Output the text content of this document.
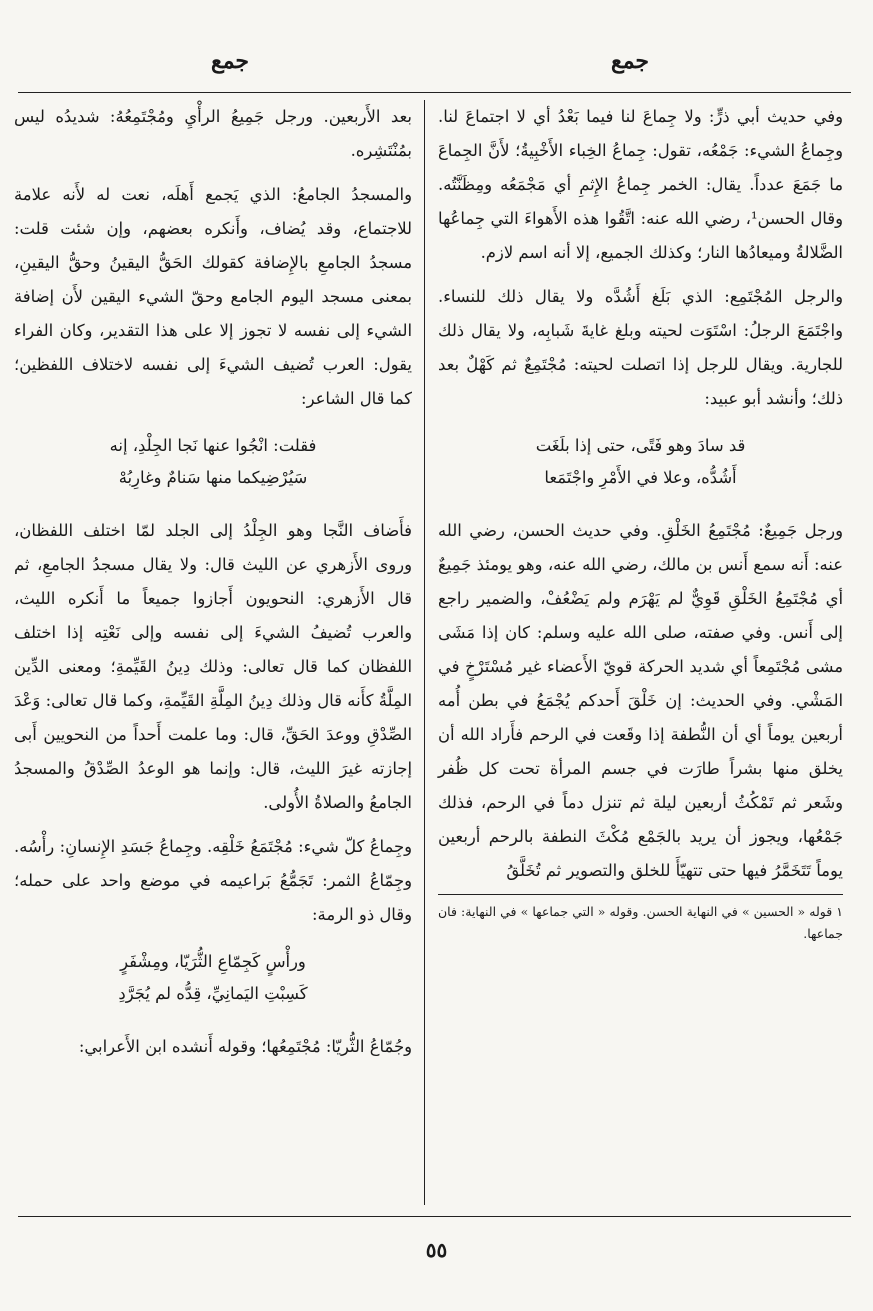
جمع
جمع

وفي حديث أبي ذرٍّ: ولا جِماعَ لنا فيما بَعْدُ أي لا اجتماعَ لنا. وجِماعُ الشيء: جَمْعُه، تقول: جِماعُ الخِباء الأَخْبِيةُ؛ لأَنَّ الجِماعَ ما جَمَعَ عدداً. يقال: الخمر جِماعُ الإِثمِ أي مَجْمَعُه ومِظَنَّتُه. وقال الحسن¹، رضي الله عنه: اتَّقُوا هذه الأَهواءَ التي جِماعُها الضَّلالةُ وميعادُها النار؛ وكذلك الجميع، إلا أنه اسم لازم.

والرجل المُجْتَمِع: الذي بَلَغ أَشُدَّه ولا يقال ذلك للنساء. واجْتَمَعَ الرجلُ: اسْتَوَت لحيته وبلغ غايةَ شَبابِه، ولا يقال ذلك للجارية. ويقال للرجل إذا اتصلت لحيته: مُجْتَمِعٌ ثم كَهْلٌ بعد ذلك؛ وأنشد أبو عبيد:

قد سادَ وهو فَتًى، حتى إذا بلَغَت
أَشُدُّه، وعلا في الأَمْرِ واجْتَمَعا

ورجل جَمِيعٌ: مُجْتَمِعُ الخَلْقِ. وفي حديث الحسن، رضي الله عنه: أَنه سمع أَنس بن مالك، رضي الله عنه، وهو يومئذ جَمِيعٌ أي مُجْتَمِعُ الخَلْقِ قَوِيٌّ لم يَهْرَم ولم يَضْعُفْ، والضمير راجع إلى أَنس. وفي صفته، صلى الله عليه وسلم: كان إذا مَشَى مشى مُجْتَمِعاً أي شديد الحركة قويّ الأَعضاء غير مُسْتَرْخٍ في المَشْي. وفي الحديث: إن خَلْقَ أَحدكم يُجْمَعُ في بطن أُمه أربعين يوماً أي أن النُّطفة إذا وقَعت في الرحم فأَراد الله أن يخلق منها بشراً طارَت في جسم المرأة تحت كل ظُفر وشَعر ثم تَمْكُثُ أربعين ليلة ثم تنزل دماً في الرحم، فذلك جَمْعُها، ويجوز أن يريد بالجَمْع مُكْثَ النطفة بالرحم أربعين يوماً تَتَخَمَّرُ فيها حتى تتهيّأَ للخلق والتصوير ثم تُخَلَّقُ

١ قوله « الحسين » في النهاية الحسن. وقوله « التي جماعها » في النهاية: فان جماعها.

بعد الأَربعين. ورجل جَمِيعُ الرأْيِ ومُجْتَمِعُهُ: شديدُه ليس بمُنْتَشِره.

والمسجدُ الجامعُ: الذي يَجمع أَهلَه، نعت له لأَنه علامة للاجتماع، وقد يُضاف، وأَنكره بعضهم، وإن شئت قلت: مسجدُ الجامعِ بالإِضافة كقولك الحَقُّ اليقينُ وحقُّ اليقينِ، بمعنى مسجد اليوم الجامع وحقّ الشيء اليقين لأَن إضافة الشيء إلى نفسه لا تجوز إلا على هذا التقدير، وكان الفراء يقول: العرب تُضيف الشيءَ إلى نفسه لاختلاف اللفظين؛ كما قال الشاعر:

فقلت: انْجُوا عنها نَجا الجِلْدِ، إنه
سَيُرْضِيكما منها سَنامٌ وغارِبُهْ

فأَضاف النَّجا وهو الجِلْدُ إلى الجلد لمّا اختلف اللفظان، وروى الأَزهري عن الليث قال: ولا يقال مسجدُ الجامعِ، ثم قال الأَزهري: النحويون أَجازوا جميعاً ما أَنكره الليث، والعرب تُضيفُ الشيءَ إلى نفسه وإلى نَعْتِه إذا اختلف اللفظان كما قال تعالى: وذلك دِينُ القَيِّمةِ؛ ومعنى الدِّين المِلَّةُ كأَنه قال وذلك دِينُ المِلَّةِ القَيِّمةِ، وكما قال تعالى: وَعْدَ الصِّدْقِ ووعدَ الحَقِّ، قال: وما علمت أَحداً من النحويين أَبى إجازته غيرَ الليث، قال: وإنما هو الوعدُ الصِّدْقُ والمسجدُ الجامعُ والصلاةُ الأُولى.

وجِماعُ كلّ شيء: مُجْتَمَعُ خَلْقِه. وجِماعُ جَسَدِ الإِنسانِ: رأْسُه. وجِمّاعُ الثمر: تَجَمُّعُ بَراعيمه في موضع واحد على حمله؛ وقال ذو الرمة:

ورأْسٍ كَجِمّاعِ الثُّرَيّا، ومِشْفَرٍ
كَسِبْتِ اليَمانِيِّ، قِدُّه لم يُجَرَّدِ

وجُمّاعُ الثُّريّا: مُجْتَمِعُها؛ وقوله أَنشده ابن الأَعرابي:

٥٥
